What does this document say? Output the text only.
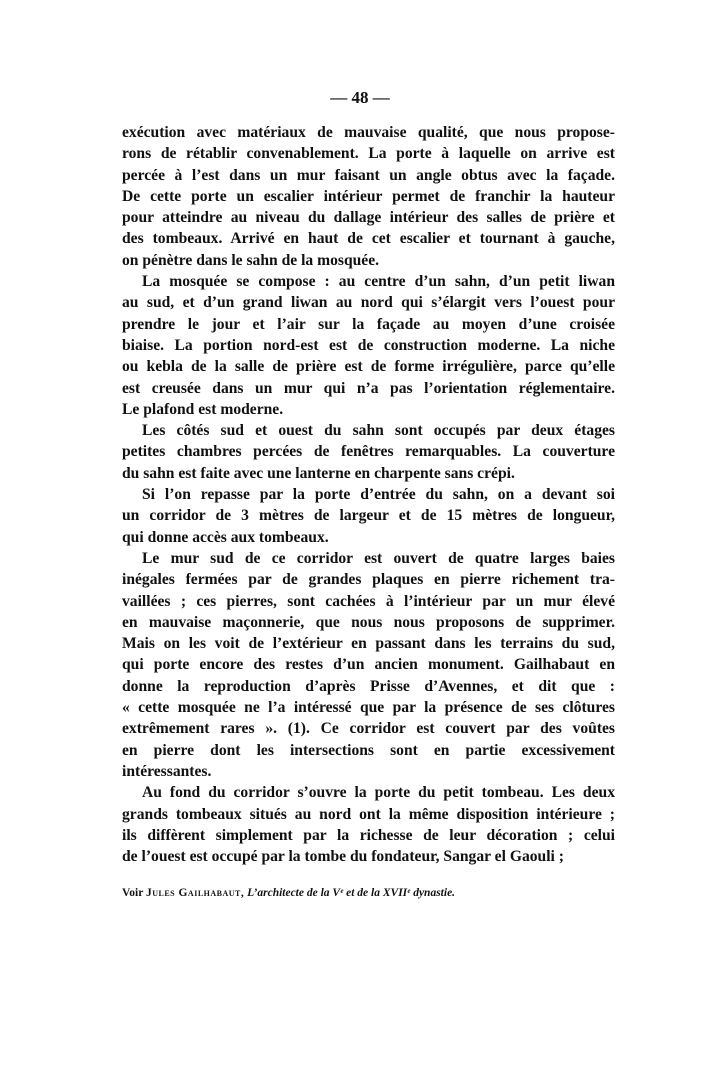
— 48 —
exécution avec matériaux de mauvaise qualité, que nous propose-
rons de rétablir convenablement. La porte à laquelle on arrive est
percée à l’est dans un mur faisant un angle obtus avec la façade.
De cette porte un escalier intérieur permet de franchir la hauteur
pour atteindre au niveau du dallage intérieur des salles de prière et
des tombeaux. Arrivé en haut de cet escalier et tournant à gauche,
on pénètre dans le sahn de la mosquée.
La mosquée se compose : au centre d’un sahn, d’un petit liwan
au sud, et d’un grand liwan au nord qui s’élargit vers l’ouest pour
prendre le jour et l’air sur la façade au moyen d’une croisée
biaise. La portion nord-est est de construction moderne. La niche
ou kebla de la salle de prière est de forme irrégulière, parce qu’elle
est creusée dans un mur qui n’a pas l’orientation réglementaire.
Le plafond est moderne.
Les côtés sud et ouest du sahn sont occupés par deux étages
petites chambres percées de fenêtres remarquables. La couverture
du sahn est faite avec une lanterne en charpente sans crépi.
Si l’on repasse par la porte d’entrée du sahn, on a devant soi
un corridor de 3 mètres de largeur et de 15 mètres de longueur,
qui donne accès aux tombeaux.
Le mur sud de ce corridor est ouvert de quatre larges baies
inégales fermées par de grandes plaques en pierre richement tra-
vaillées ; ces pierres, sont cachées à l’intérieur par un mur élevé
en mauvaise maçonnerie, que nous nous proposons de supprimer.
Mais on les voit de l’extérieur en passant dans les terrains du sud,
qui porte encore des restes d’un ancien monument. Gailhabaut en
donne la reproduction d’après Prisse d’Avennes, et dit que :
« cette mosquée ne l’a intéressé que par la présence de ses clôtures
extrêmement rares ». (1). Ce corridor est couvert par des voûtes
en pierre dont les intersections sont en partie excessivement
intéressantes.
Au fond du corridor s’ouvre la porte du petit tombeau. Les deux
grands tombeaux situés au nord ont la même disposition intérieure ;
ils diffèrent simplement par la richesse de leur décoration ; celui
de l’ouest est occupé par la tombe du fondateur, Sangar el Gaouli ;
Voir Jules Gailhabaut, L’architecte de la Vᵉ et de la XVIIᵉ dynastie.
